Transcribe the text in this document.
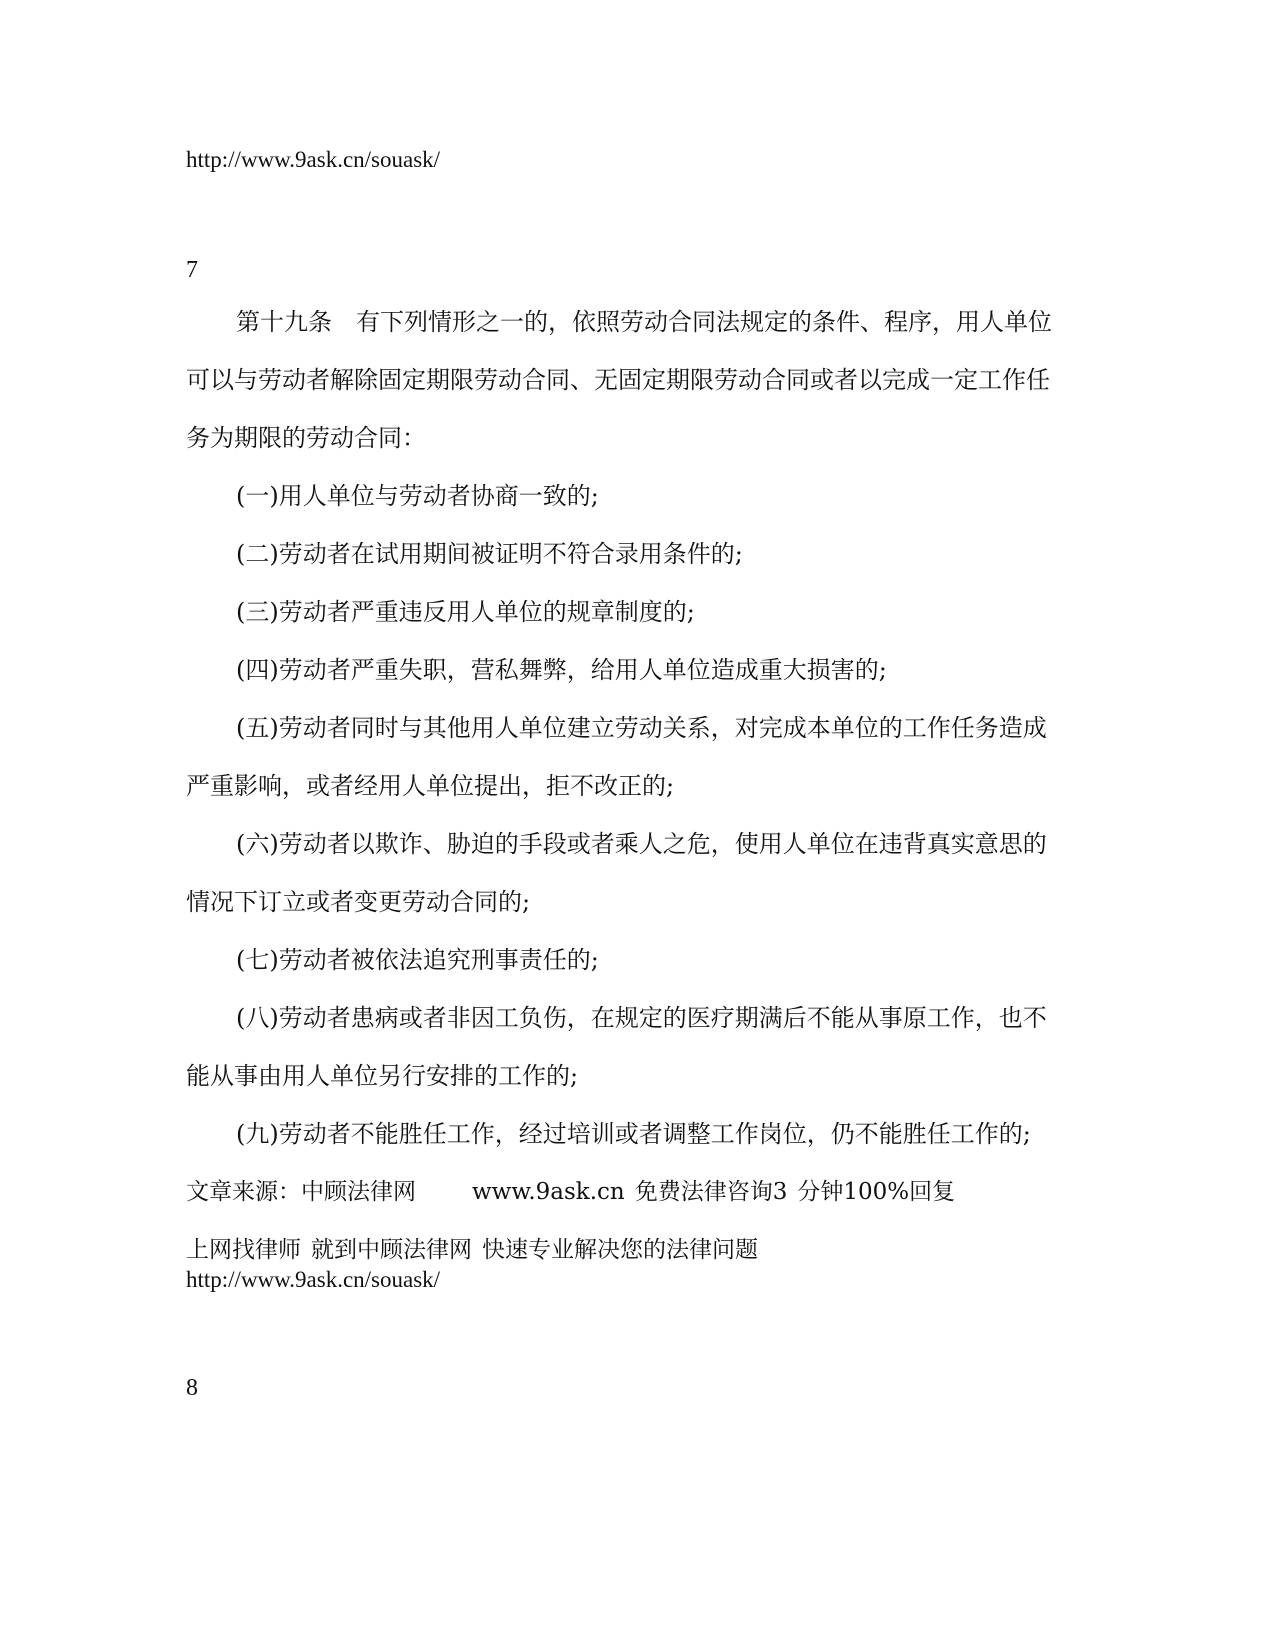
http://www.9ask.cn/souask/

7

第十九条　有下列情形之一的，依照劳动合同法规定的条件、程序，用人单位

可以与劳动者解除固定期限劳动合同、无固定期限劳动合同或者以完成一定工作任

务为期限的劳动合同：

(一)用人单位与劳动者协商一致的;

(二)劳动者在试用期间被证明不符合录用条件的;

(三)劳动者严重违反用人单位的规章制度的;

(四)劳动者严重失职，营私舞弊，给用人单位造成重大损害的;

(五)劳动者同时与其他用人单位建立劳动关系，对完成本单位的工作任务造成

严重影响，或者经用人单位提出，拒不改正的;

(六)劳动者以欺诈、胁迫的手段或者乘人之危，使用人单位在违背真实意思的

情况下订立或者变更劳动合同的;

(七)劳动者被依法追究刑事责任的;

(八)劳动者患病或者非因工负伤，在规定的医疗期满后不能从事原工作，也不

能从事由用人单位另行安排的工作的;

(九)劳动者不能胜任工作，经过培训或者调整工作岗位，仍不能胜任工作的;

文章来源：中顾法律网 www.9ask.cn 免费法律咨询3 分钟100%回复

上网找律师 就到中顾法律网 快速专业解决您的法律问题

http://www.9ask.cn/souask/

8
